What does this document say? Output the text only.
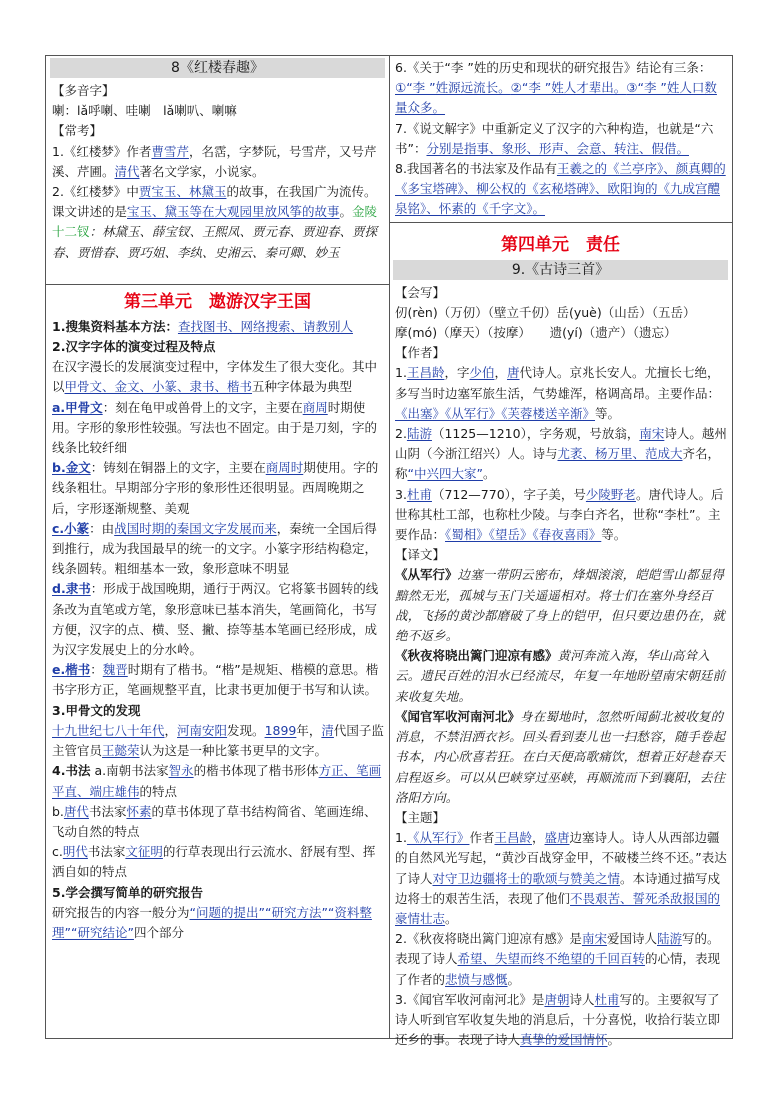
8《红楼春趣》

【多音字】

喇：lǎ呼喇、哇喇　lǎ喇叭、喇嘛

【常考】

1.《红楼梦》作者曹雪芹，名霑，字梦阮，号雪芹，又号芹溪、芹圃。清代著名文学家，小说家。

2.《红楼梦》中贾宝玉、林黛玉的故事，在我国广为流传。课文讲述的是宝玉、黛玉等在大观园里放风筝的故事。金陵十二钗：林黛玉、薛宝钗、王熙凤、贾元春、贾迎春、贾探春、贾惜春、贾巧姐、李纨、史湘云、秦可卿、妙玉

第三单元　遨游汉字王国

1.搜集资料基本方法：查找图书、网络搜索、请教别人

2.汉字字体的演变过程及特点

在汉字漫长的发展演变过程中，字体发生了很大变化。其中以甲骨文、金文、小篆、隶书、楷书五种字体最为典型

a.甲骨文：刻在龟甲或兽骨上的文字，主要在商周时期使用。字形的象形性较强。写法也不固定。由于是刀刻，字的线条比较纤细

b.金文：铸刻在铜器上的文字，主要在商周时期使用。字的线条粗壮。早期部分字形的象形性还很明显。西周晚期之后，字形逐渐规整、美观

c.小篆：由战国时期的秦国文字发展而来，秦统一全国后得到推行，成为我国最早的统一的文字。小篆字形结构稳定，线条圆转。粗细基本一致，象形意味不明显

d.隶书：形成于战国晚期，通行于两汉。它将篆书圆转的线条改为直笔或方笔，象形意味已基本消失，笔画简化，书写方便，汉字的点、横、竖、撇、捺等基本笔画已经形成，成为汉字发展史上的分水岭。

e.楷书：魏晋时期有了楷书。“楷”是规矩、楷模的意思。楷书字形方正，笔画规整平直，比隶书更加便于书写和认读。

3.甲骨文的发现

十九世纪七八十年代，河南安阳发现。1899年，清代国子监主管官员王懿荣认为这是一种比篆书更早的文字。

4.书法 a.南朝书法家智永的楷书体现了楷书形体方正、笔画平直、端庄雄伟的特点

b.唐代书法家怀素的草书体现了草书结构简省、笔画连绵、飞动自然的特点

c.明代书法家文征明的行草表现出行云流水、舒展有型、挥洒自如的特点

5.学会撰写简单的研究报告

研究报告的内容一般分为“问题的提出”“研究方法”“资料整理”“研究结论”四个部分

6.《关于“李 ”姓的历史和现状的研究报告》结论有三条：①“李 ”姓源远流长。②“李 ”姓人才辈出。③“李 ”姓人口数量众多。

7.《说文解字》中重新定义了汉字的六种构造，也就是“六书”：分别是指事、象形、形声、会意、转注、假借。

8.我国著名的书法家及作品有王羲之的《兰亭序》、颜真卿的《多宝塔碑》、柳公权的《玄秘塔碑》、欧阳询的《九成宫醴泉铭》、怀素的《千字文》。

第四单元　责任
9.《古诗三首》

【会写】

仞(rèn)（万仞）（壁立千仞）岳(yuè)（山岳）（五岳）

摩(mó)（摩天）（按摩）　　遗(yí)（遗产）（遗忘）

【作者】

1.王昌龄，字少伯，唐代诗人。京兆长安人。尤擅长七绝，多写当时边塞军旅生活，气势雄浑，格调高昂。主要作品：《出塞》《从军行》《芙蓉楼送辛渐》等。

2.陆游（1125—1210），字务观，号放翁，南宋诗人。越州山阴（今浙江绍兴）人。诗与尤袤、杨万里、范成大齐名，称“中兴四大家”。

3.杜甫（712—770），字子美，号少陵野老。唐代诗人。后世称其杜工部，也称杜少陵。与李白齐名，世称“李杜”。主要作品：《蜀相》《望岳》《春夜喜雨》等。

【译文】

《从军行》边塞一带阴云密布，烽烟滚滚，皑皑雪山都显得黯然无光，孤城与玉门关遥遥相对。将士们在塞外身经百战，飞扬的黄沙都磨破了身上的铠甲，但只要边患仍在，就绝不返乡。

《秋夜将晓出篱门迎凉有感》黄河奔流入海，华山高耸入云。遗民百姓的泪水已经流尽，年复一年地盼望南宋朝廷前来收复失地。

《闻官军收河南河北》身在蜀地时，忽然听闻蓟北被收复的消息，不禁泪洒衣衫。回头看到妻儿也一扫愁容，随手卷起书本，内心欣喜若狂。在白天便高歌痛饮，想着正好趁春天启程返乡。可以从巴峡穿过巫峡，再顺流而下到襄阳，去往洛阳方向。

【主题】

1.《从军行》作者王昌龄，盛唐边塞诗人。诗人从西部边疆的自然风光写起，“黄沙百战穿金甲，不破楼兰终不还。”表达了诗人对守卫边疆将士的歌颂与赞美之情。本诗通过描写戍边将士的艰苦生活，表现了他们不畏艰苦、誓死杀敌报国的豪情壮志。

2.《秋夜将晓出篱门迎凉有感》是南宋爱国诗人陆游写的。表现了诗人希望、失望而终不绝望的千回百转的心情，表现了作者的悲愤与感慨。

3.《闻官军收河南河北》是唐朝诗人杜甫写的。主要叙写了诗人听到官军收复失地的消息后，十分喜悦，收拾行装立即还乡的事。表现了诗人真挚的爱国情怀。
